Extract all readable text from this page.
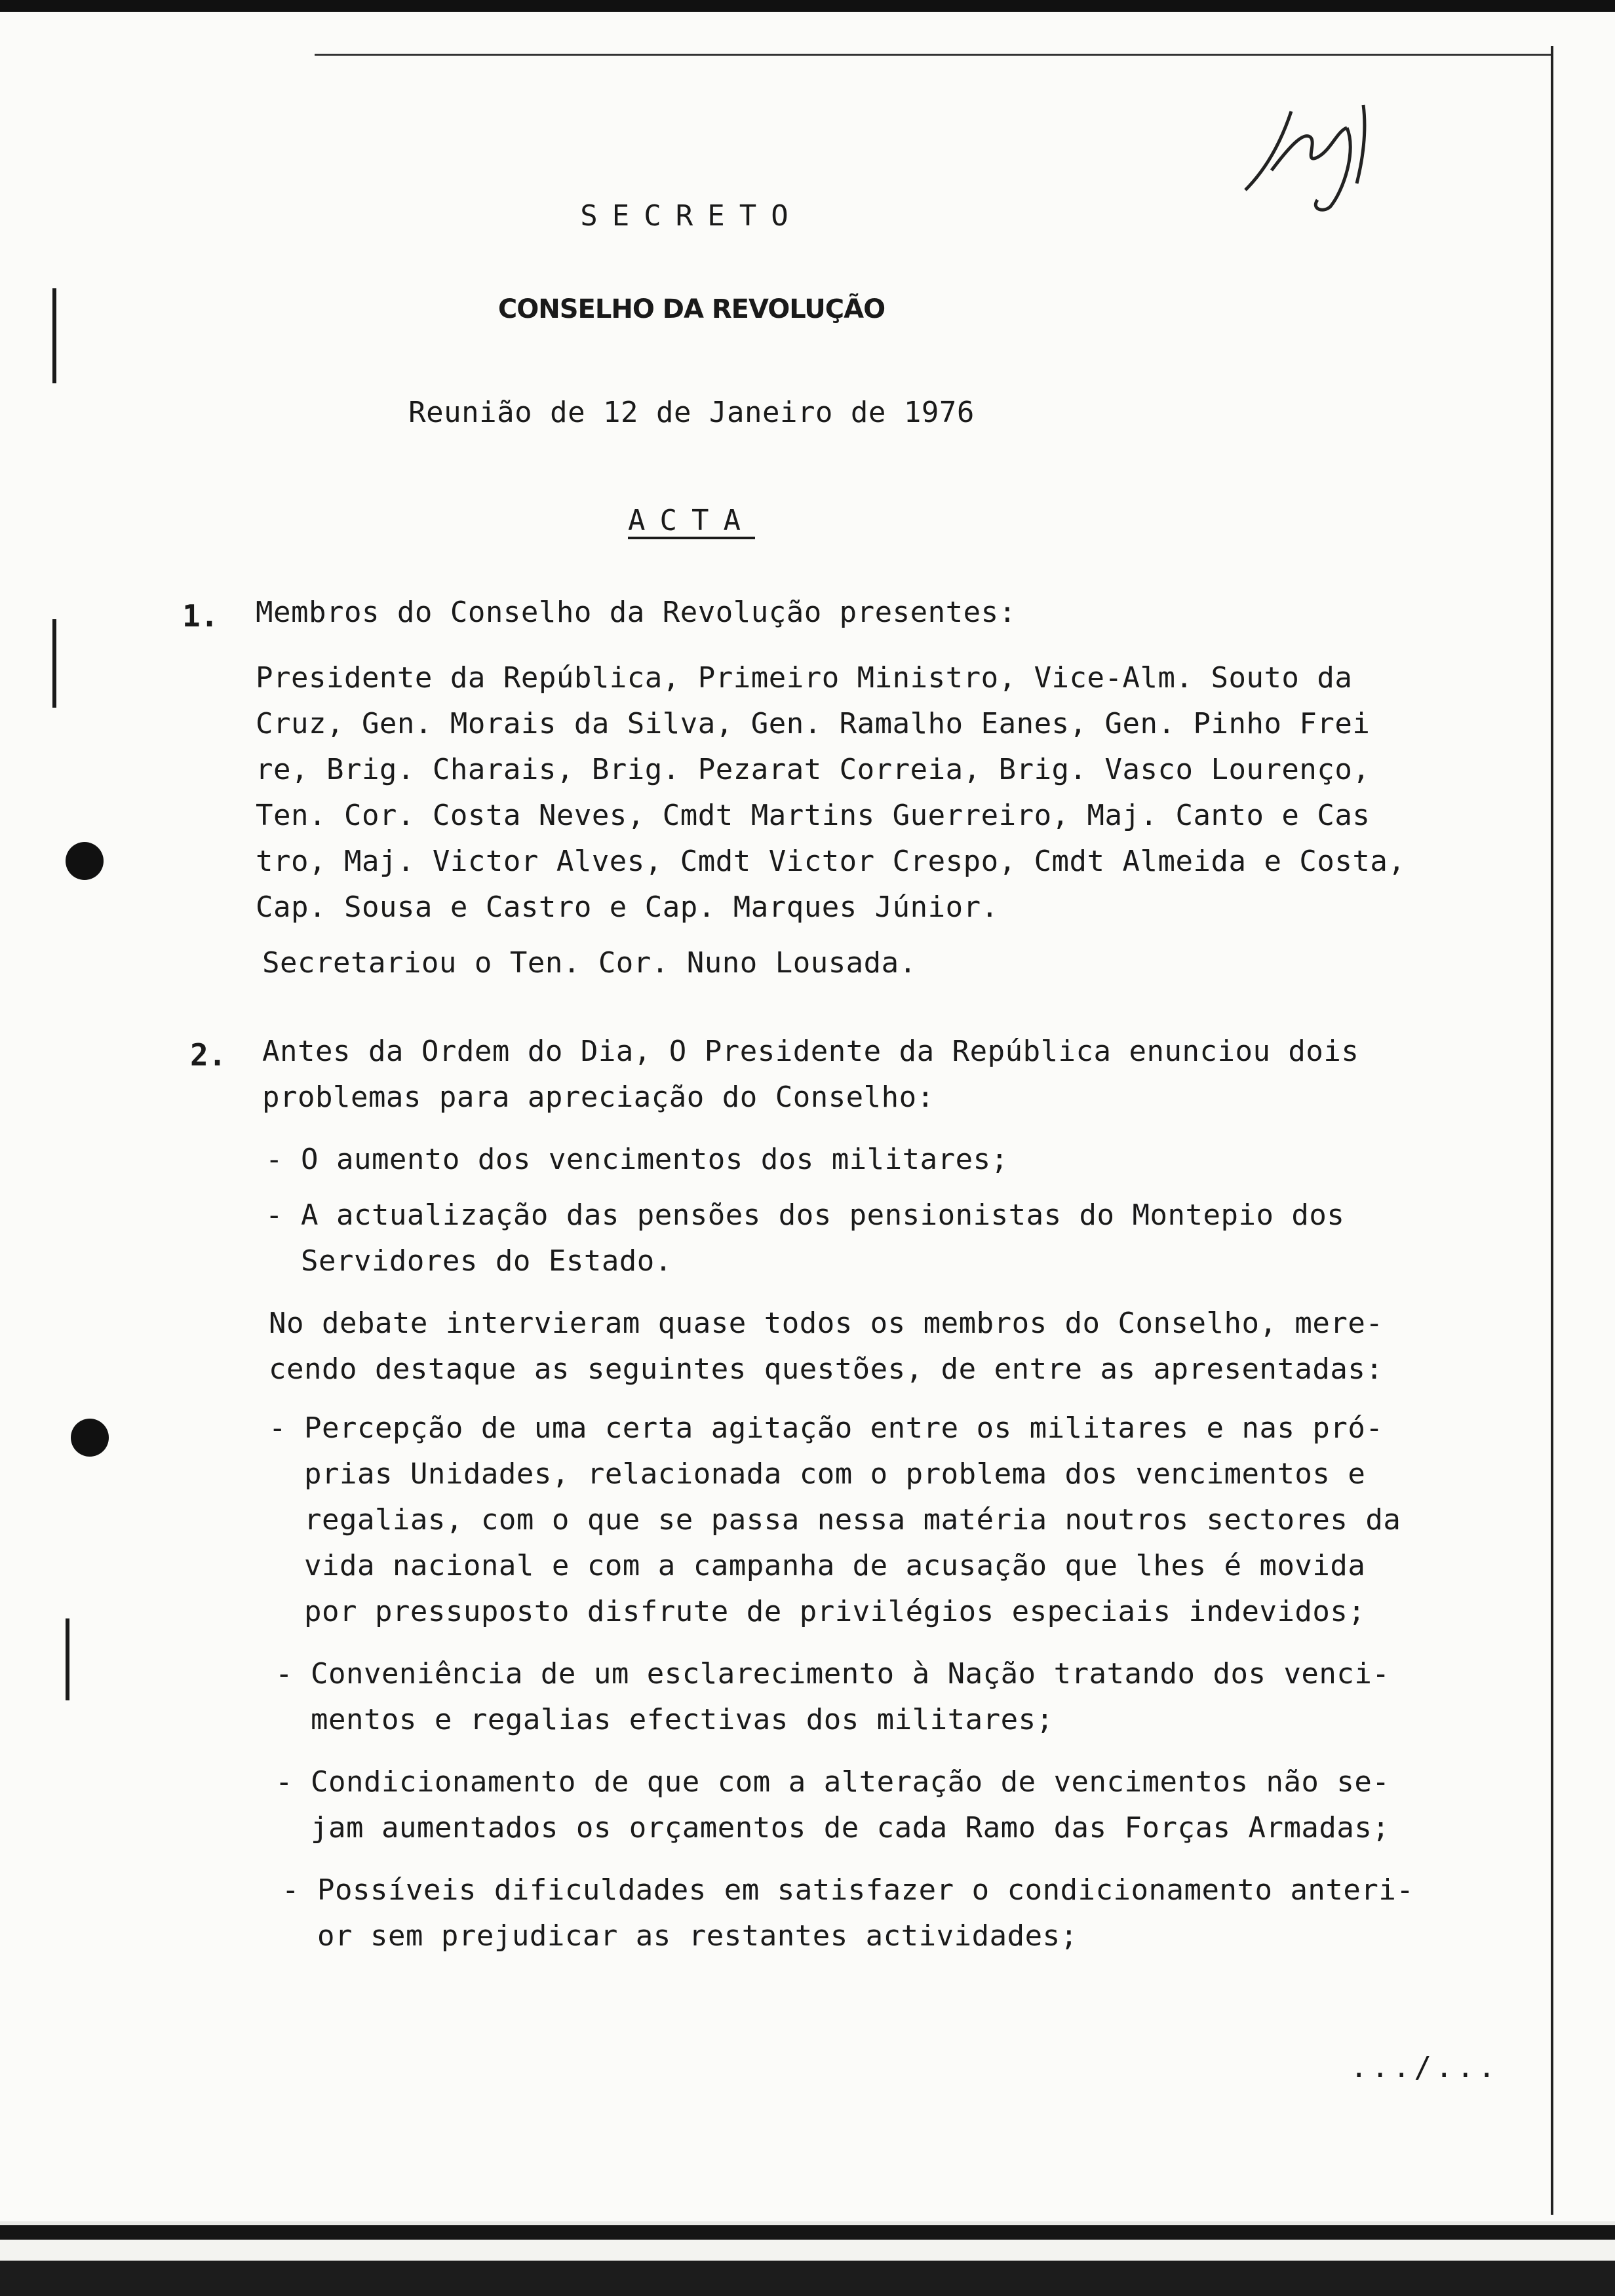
SECRETO
CONSELHO DA REVOLUÇÃO
Reunião de 12 de Janeiro de 1976
ACTA
1. Membros do Conselho da Revolução presentes:
Presidente da República, Primeiro Ministro, Vice-Alm. Souto da
Cruz, Gen. Morais da Silva, Gen. Ramalho Eanes, Gen. Pinho Frei
re, Brig. Charais, Brig. Pezarat Correia, Brig. Vasco Lourenço,
Ten. Cor. Costa Neves, Cmdt Martins Guerreiro, Maj. Canto e Cas
tro, Maj. Victor Alves, Cmdt Victor Crespo, Cmdt Almeida e Costa,
Cap. Sousa e Castro e Cap. Marques Júnior.
Secretariou o Ten. Cor. Nuno Lousada.
2. Antes da Ordem do Dia, O Presidente da República enunciou dois
problemas para apreciação do Conselho:
- O aumento dos vencimentos dos militares;
- A actualização das pensões dos pensionistas do Montepio dos
Servidores do Estado.
No debate intervieram quase todos os membros do Conselho, mere-
cendo destaque as seguintes questões, de entre as apresentadas:
- Percepção de uma certa agitação entre os militares e nas pró-
prias Unidades, relacionada com o problema dos vencimentos e
regalias, com o que se passa nessa matéria noutros sectores da
vida nacional e com a campanha de acusação que lhes é movida
por pressuposto disfrute de privilégios especiais indevidos;
- Conveniência de um esclarecimento à Nação tratando dos venci-
mentos e regalias efectivas dos militares;
- Condicionamento de que com a alteração de vencimentos não se-
jam aumentados os orçamentos de cada Ramo das Forças Armadas;
- Possíveis dificuldades em satisfazer o condicionamento anteri-
or sem prejudicar as restantes actividades;
.../...
